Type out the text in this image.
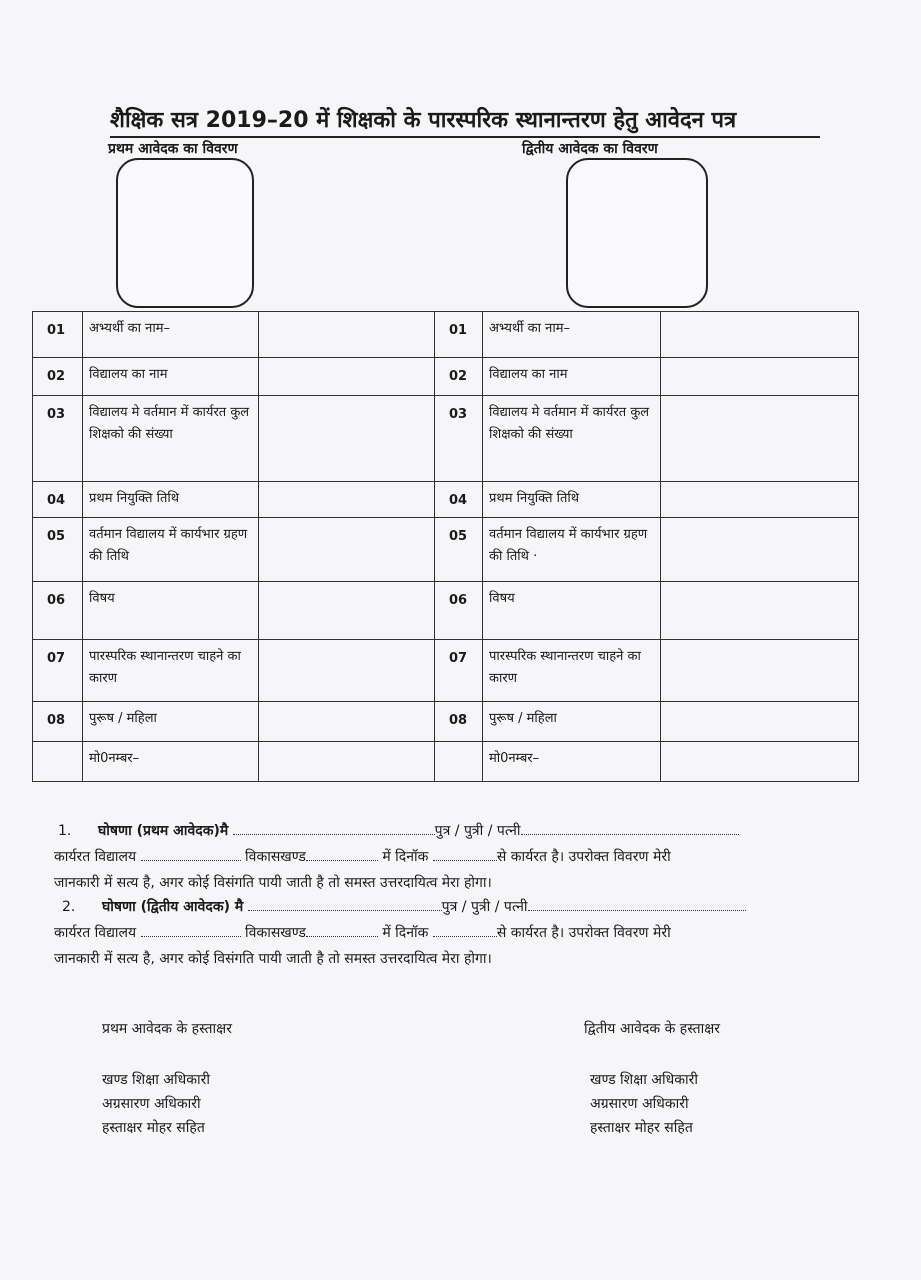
शैक्षिक सत्र 2019–20 में शिक्षको के पारस्परिक स्थानान्तरण हेतु आवेदन पत्र
प्रथम आवेदक का विवरण	द्वितीय आवेदक का विवरण
01	अभ्यर्थी का नाम–			01	अभ्यर्थी का नाम–	
02	विद्यालय का नाम			02	विद्यालय का नाम	
03	विद्यालय मे वर्तमान में कार्यरत कुल शिक्षको की संख्या			03	विद्यालय मे वर्तमान में कार्यरत कुल शिक्षको की संख्या	
04	प्रथम नियुक्ति तिथि			04	प्रथम नियुक्ति तिथि	
05	वर्तमान विद्यालय में कार्यभार ग्रहण की तिथि			05	वर्तमान विद्यालय में कार्यभार ग्रहण की तिथि ·	
06	विषय			06	विषय	
07	पारस्परिक स्थानान्तरण चाहने का कारण			07	पारस्परिक स्थानान्तरण चाहने का कारण	
08	पुरूष / महिला			08	पुरूष / महिला	
	मो0नम्बर–				मो0नम्बर–	
1. घोषणा (प्रथम आवेदक)मै	पुत्र / पुत्री / पत्नी
कार्यरत विद्यालय	विकासखण्ड	में दिनॉक	से कार्यरत है। उपरोक्त विवरण मेरी
जानकारी में सत्य है, अगर कोई विसंगति पायी जाती है तो समस्त उत्तरदायित्व मेरा होगा।
2. घोषणा (द्वितीय आवेदक) मै	पुत्र / पुत्री / पत्नी
कार्यरत विद्यालय	विकासखण्ड	में दिनॉक	से कार्यरत है। उपरोक्त विवरण मेरी
जानकारी में सत्य है, अगर कोई विसंगति पायी जाती है तो समस्त उत्तरदायित्व मेरा होगा।
प्रथम आवेदक के हस्ताक्षर	द्वितीय आवेदक के हस्ताक्षर
खण्ड शिक्षा अधिकारी
अग्रसारण अधिकारी
हस्ताक्षर मोहर सहित
खण्ड शिक्षा अधिकारी
अग्रसारण अधिकारी
हस्ताक्षर मोहर सहित
